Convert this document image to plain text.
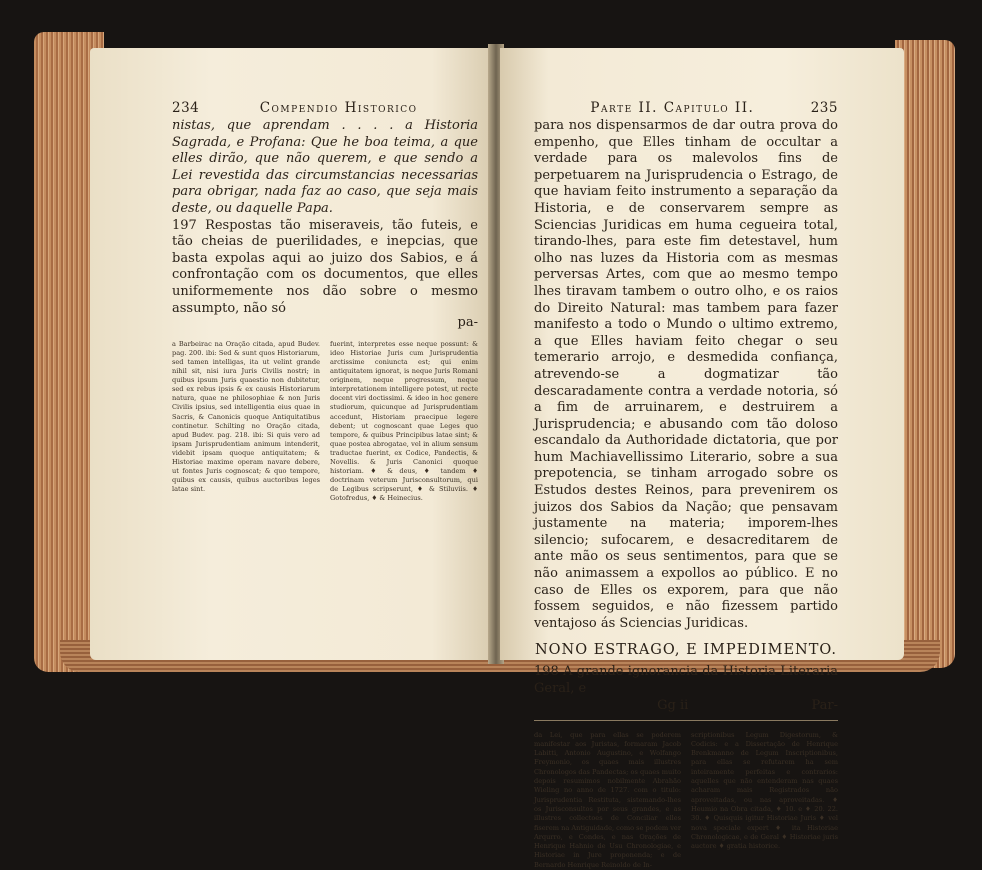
234	Compendio Historico
nistas, que aprendam . . . . a Historia Sagrada, e Profana: Que he boa teima, a que elles dirão, que não querem, e que sendo a Lei revestida das circumstancias necessarias para obrigar, nada faz ao caso, que seja mais deste, ou daquelle Papa.
197 Respostas tão miseraveis, tão futeis, e tão cheias de puerilidades, e inepcias, que basta expolas aqui ao juizo dos Sabios, e á confrontação com os documentos, que elles uniformemente nos dão sobre o mesmo assumpto, não só
pa-
a Barbeirac na Oração citada, apud Budev. pag. 200. ibi: Sed & sunt quos Historiarum, sed tamen intelligas, ita ut velint grande nihil sit, nisi iura Juris Civilis nostri; in quibus ipsum Juris quaestio non dubitetur, sed ex rebus ipsis & ex causis Historiarum natura, quae ne philosophiae & non Juris Civilis ipsius, sed intelligentia eius quae in Sacris, & Canonicis quoque Antiquitatibus continetur. Schilting no Oração citada, apud Budev. pag. 218. ibi: Si quis vero ad ipsam Jurisprudentiam animum intenderit, videbit ipsam quoque antiquitatem; & Historiae maxime operam navare debere, ut fontes Juris cognoscat; & quo tempore, quibus ex causis, quibus auctoribus leges latae sint.
fuerint, interpretes esse neque possunt: & ideo Historiae Juris cum Jurisprudentia arctissime coniuncta est; qui enim antiquitatem ignorat, is neque Juris Romani originem, neque progressum, neque interpretationem intelligere potest, ut recte docent viri doctissimi. & ideo in hoc genere studiorum, quicunque ad Jurisprudentiam accedunt, Historiam praecipue legere debent; ut cognoscant quae Leges quo tempore, & quibus Principibus latae sint; & quae postea abrogatae, vel in alium sensum traductae fuerint, ex Codice, Pandectis, & Novellis. & Juris Canonici quoque historiam. ♦ & deus, ♦ tandem ♦ doctrinam veterum Jurisconsultorum, qui de Legibus scripserunt, ♦ & Stiluviis. ♦ Gotofredus, ♦ & Heinecius.
Parte II. Capitulo II.	235
para nos dispensarmos de dar outra prova do empenho, que Elles tinham de occultar a verdade para os malevolos fins de perpetuarem na Jurisprudencia o Estrago, de que haviam feito instrumento a separação da Historia, e de conservarem sempre as Sciencias Juridicas em huma cegueira total, tirando-lhes, para este fim detestavel, hum olho nas luzes da Historia com as mesmas perversas Artes, com que ao mesmo tempo lhes tiravam tambem o outro olho, e os raios do Direito Natural: mas tambem para fazer manifesto a todo o Mundo o ultimo extremo, a que Elles haviam feito chegar o seu temerario arrojo, e desmedida confiança, atrevendo-se a dogmatizar tão descaradamente contra a verdade notoria, só a fim de arruinarem, e destruirem a Jurisprudencia; e abusando com tão doloso escandalo da Authoridade dictatoria, que por hum Machiavellissimo Literario, sobre a sua prepotencia, se tinham arrogado sobre os Estudos destes Reinos, para prevenirem os juizos dos Sabios da Nação; que pensavam justamente na materia; imporem-lhes silencio; sufocarem, e desacreditarem de ante mão os seus sentimentos, para que se não animassem a expollos ao público. E no caso de Elles os exporem, para que não fossem seguidos, e não fizessem partido ventajoso ás Sciencias Juridicas.
NONO ESTRAGO, E IMPEDIMENTO.
198 A grande ignorancia da Historia Literaria Geral, e
Gg ii	Par-
da Lei, que para ellas se poderem manifestar aos Juristas, formaram Jacob Labitti, Antonio Augustino, e Wolfango Freymonio, os quaes mais illustres Chronologos das Pandectas; os quaes muito depois resumimos nobilmente Abrahão Wieling no anno de 1727. com o titulo: Jurisprudentia Restituta, sistemando-lhes os Jurisconsultos por seus grandes, e as illustres collectoes de Conciliar elles fiserem na Antiguidade, como se podem ver Arqurro, e Condes, e nas Orações de Henrique Hahnio de Usu Chronologiae, e Historiae in Jure proponenda; e de Bernardo Henrique Reinoldo de In-
scriptionibus Legum Digestorum, & Codicis: e a Dissertação de Henrique Brenkmanno de Legum Inscriptionibus, para ellas se refutarem ha sem inteiramente perfeitas e contrarios: aquelles que não entenderam nas quaes acharam mais Registrados não aproveitadas, ou nas aproveitadas. ♦ Heumio na Obra citada, ♦ 10. e ♦ 20. 22. 30. ♦ Quisquis igitur Historiae Juris ♦ vel nova speciale expert ♦ ita Historiae Chronologicae, e de Geral ♦ Historiae juris auctore ♦ gratia historice.
